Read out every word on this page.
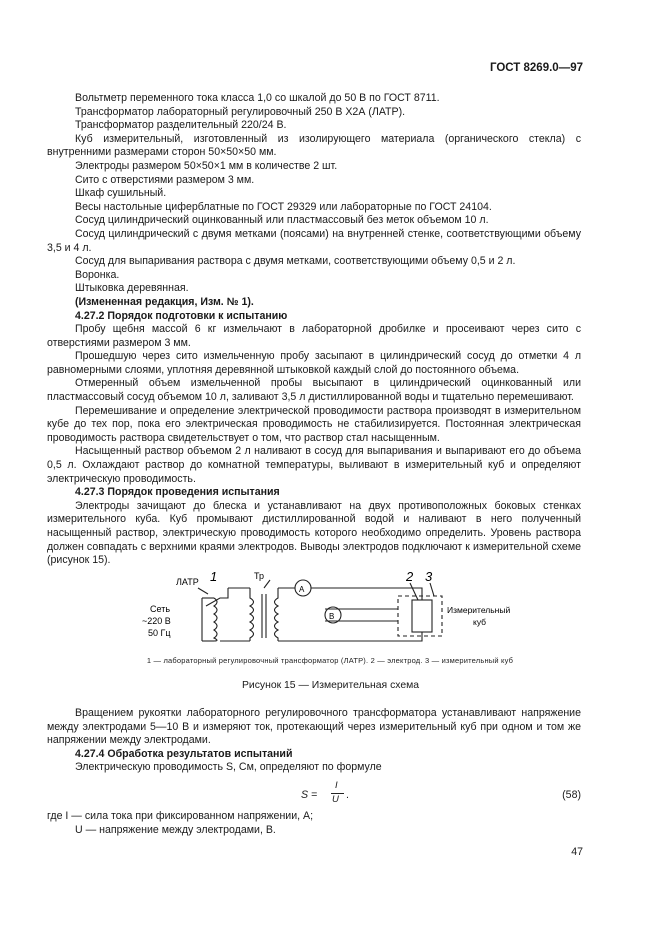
ГОСТ 8269.0—97

Вольтметр переменного тока класса 1,0 со шкалой до 50 В по ГОСТ 8711.

Трансформатор лабораторный регулировочный 250 В Х2А (ЛАТР).

Трансформатор разделительный 220/24 В.

Куб измерительный, изготовленный из изолирующего материала (органического стекла) с внутренними размерами сторон 50×50×50 мм.

Электроды размером 50×50×1 мм в количестве 2 шт.

Сито с отверстиями размером 3 мм.

Шкаф сушильный.

Весы настольные циферблатные по ГОСТ 29329 или лабораторные по ГОСТ 24104.

Сосуд цилиндрический оцинкованный или пластмассовый без меток объемом 10 л.

Сосуд цилиндрический с двумя метками (поясами) на внутренней стенке, соответствующими объему 3,5 и 4 л.

Сосуд для выпаривания раствора с двумя метками, соответствующими объему 0,5 и 2 л.

Воронка.

Штыковка деревянная.

(Измененная редакция, Изм. № 1).

4.27.2 Порядок подготовки к испытанию

Пробу щебня массой 6 кг измельчают в лабораторной дробилке и просеивают через сито с отверстиями размером 3 мм.

Прошедшую через сито измельченную пробу засыпают в цилиндрический сосуд до отметки 4 л равномерными слоями, уплотняя деревянной штыковкой каждый слой до постоянного объема.

Отмеренный объем измельченной пробы высыпают в цилиндрический оцинкованный или пластмассовый сосуд объемом 10 л, заливают 3,5 л дистиллированной воды и тщательно перемешивают.

Перемешивание и определение электрической проводимости раствора производят в измерительном кубе до тех пор, пока его электрическая проводимость не стабилизируется. Постоянная электрическая проводимость раствора свидетельствует о том, что раствор стал насыщенным.

Насыщенный раствор объемом 2 л наливают в сосуд для выпаривания и выпаривают его до объема 0,5 л. Охлаждают раствор до комнатной температуры, выливают в измерительный куб и определяют электрическую проводимость.

4.27.3 Порядок проведения испытания

Электроды зачищают до блеска и устанавливают на двух противоположных боковых стенках измерительного куба. Куб промывают дистиллированной водой и наливают в него полученный насыщенный раствор, электрическую проводимость которого необходимо определить. Уровень раствора должен совпадать с верхними краями электродов. Выводы электродов подключают к измерительной схеме (рисунок 15).

ЛАТР 1	Тр
Сеть
~220 В
50 Гц
A
B
2 3
Измерительный
куб
1 — лабораторный регулировочный трансформатор (ЛАТР). 2 — электрод. 3 — измерительный куб
Рисунок 15 — Измерительная схема

Вращением рукоятки лабораторного регулировочного трансформатора устанавливают напряжение между электродами 5—10 В и измеряют ток, протекающий через измерительный куб при одном и том же напряжении между электродами.

4.27.4 Обработка результатов испытаний

Электрическую проводимость S, См, определяют по формуле

S =
I
U .	(58)

где I — сила тока при фиксированном напряжении, А;

U — напряжение между электродами, В.

47
